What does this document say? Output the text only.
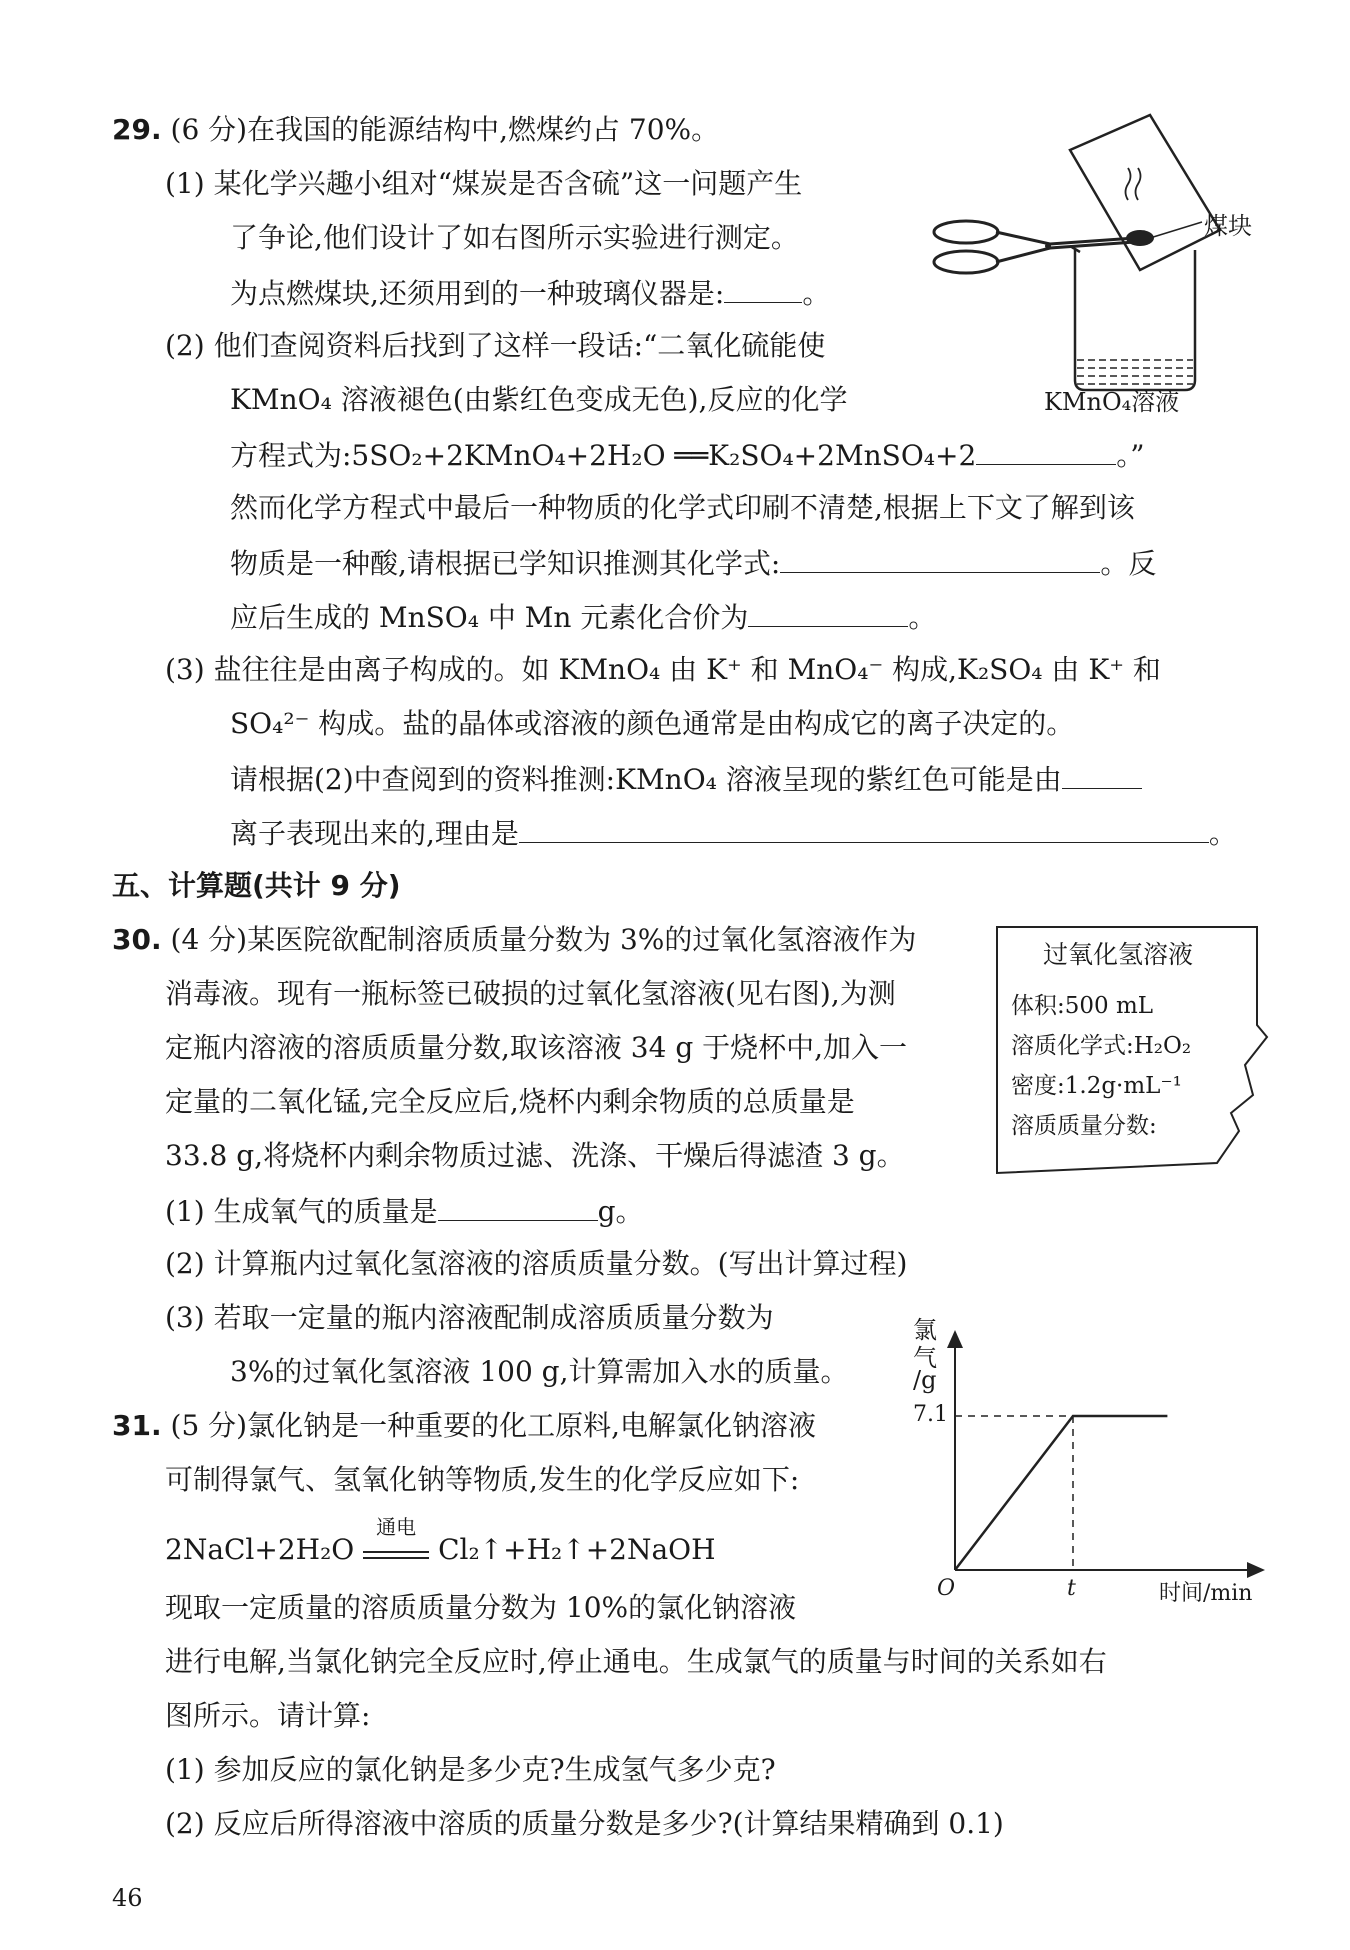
29. (6 分)在我国的能源结构中,燃煤约占 70%。
(1) 某化学兴趣小组对“煤炭是否含硫”这一问题产生
了争论,他们设计了如右图所示实验进行测定。
为点燃煤块,还须用到的一种玻璃仪器是:	。
(2) 他们查阅资料后找到了这样一段话:“二氧化硫能使
KMnO₄ 溶液褪色(由紫红色变成无色),反应的化学
方程式为:5SO₂+2KMnO₄+2H₂O ══K₂SO₄+2MnSO₄+2	。”
然而化学方程式中最后一种物质的化学式印刷不清楚,根据上下文了解到该
物质是一种酸,请根据已学知识推测其化学式:	。反
应后生成的 MnSO₄ 中 Mn 元素化合价为	。
(3) 盐往往是由离子构成的。如 KMnO₄ 由 K⁺ 和 MnO₄⁻ 构成,K₂SO₄ 由 K⁺ 和
SO₄²⁻ 构成。盐的晶体或溶液的颜色通常是由构成它的离子决定的。
请根据(2)中查阅到的资料推测:KMnO₄ 溶液呈现的紫红色可能是由
离子表现出来的,理由是	。
煤块
KMnO₄溶液
五、计算题(共计 9 分)
30. (4 分)某医院欲配制溶质质量分数为 3%的过氧化氢溶液作为
消毒液。现有一瓶标签已破损的过氧化氢溶液(见右图),为测
定瓶内溶液的溶质质量分数,取该溶液 34 g 于烧杯中,加入一
定量的二氧化锰,完全反应后,烧杯内剩余物质的总质量是
33.8 g,将烧杯内剩余物质过滤、洗涤、干燥后得滤渣 3 g。
(1) 生成氧气的质量是	g。
(2) 计算瓶内过氧化氢溶液的溶质质量分数。(写出计算过程)
(3) 若取一定量的瓶内溶液配制成溶质质量分数为
3%的过氧化氢溶液 100 g,计算需加入水的质量。
过氧化氢溶液
体积:500 mL
溶质化学式:H₂O₂
密度:1.2g·mL⁻¹
溶质质量分数:
31. (5 分)氯化钠是一种重要的化工原料,电解氯化钠溶液
可制得氯气、氢氧化钠等物质,发生的化学反应如下:
2NaCl+2H₂O
通电
Cl₂↑+H₂↑+2NaOH
现取一定质量的溶质质量分数为 10%的氯化钠溶液
进行电解,当氯化钠完全反应时,停止通电。生成氯气的质量与时间的关系如右
图所示。请计算:
(1) 参加反应的氯化钠是多少克?生成氢气多少克?
(2) 反应后所得溶液中溶质的质量分数是多少?(计算结果精确到 0.1)
氯
气
/g
7.1
O	t	时间/min
46
